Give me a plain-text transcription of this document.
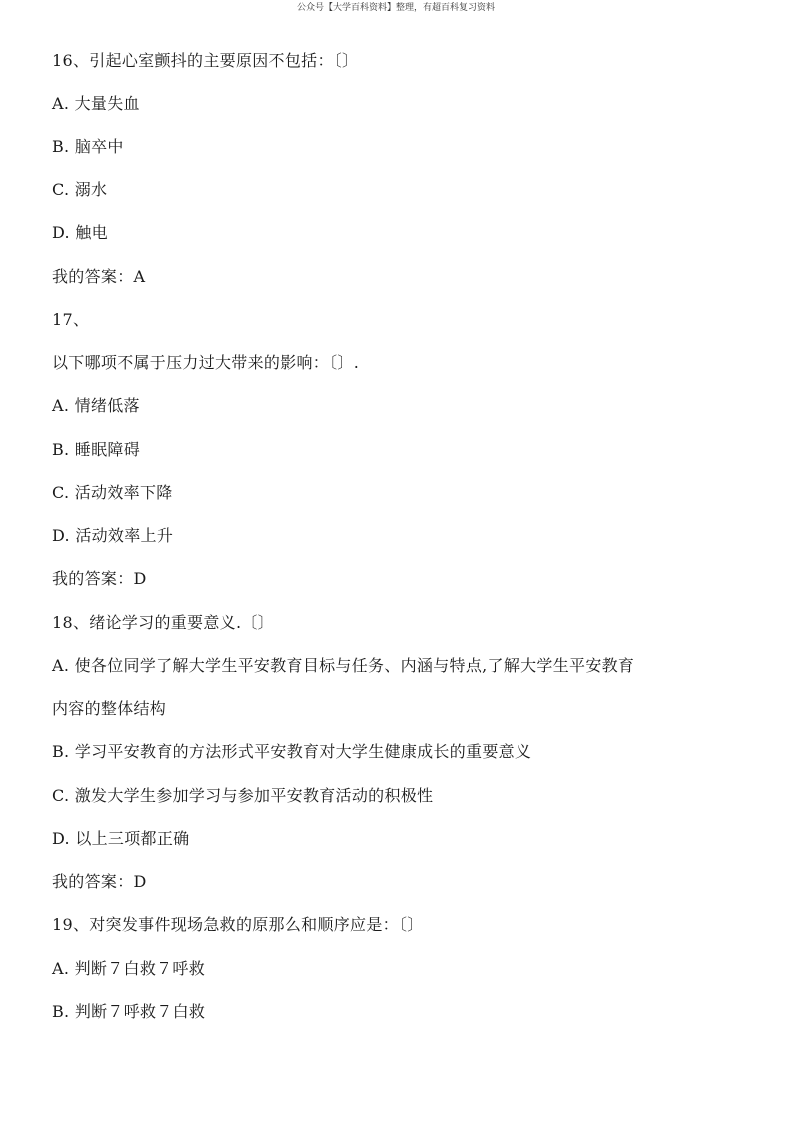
公众号【大学百科资料】整理，有超百科复习资料
16、引起心室颤抖的主要原因不包括：〔〕
A. 大量失血
B. 脑卒中
C. 溺水
D. 触电
我的答案：A
17、
以下哪项不属于压力过大带来的影响：〔〕.
A. 情绪低落
B. 睡眠障碍
C. 活动效率下降
D. 活动效率上升
我的答案：D
18、绪论学习的重要意义.〔〕
A. 使各位同学了解大学生平安教育目标与任务、内涵与特点,了解大学生平安教育
内容的整体结构
B. 学习平安教育的方法形式平安教育对大学生健康成长的重要意义
C. 激发大学生参加学习与参加平安教育活动的积极性
D. 以上三项都正确
我的答案：D
19、对突发事件现场急救的原那么和顺序应是：〔〕
A. 判断７白救７呼救
B. 判断７呼救７白救
